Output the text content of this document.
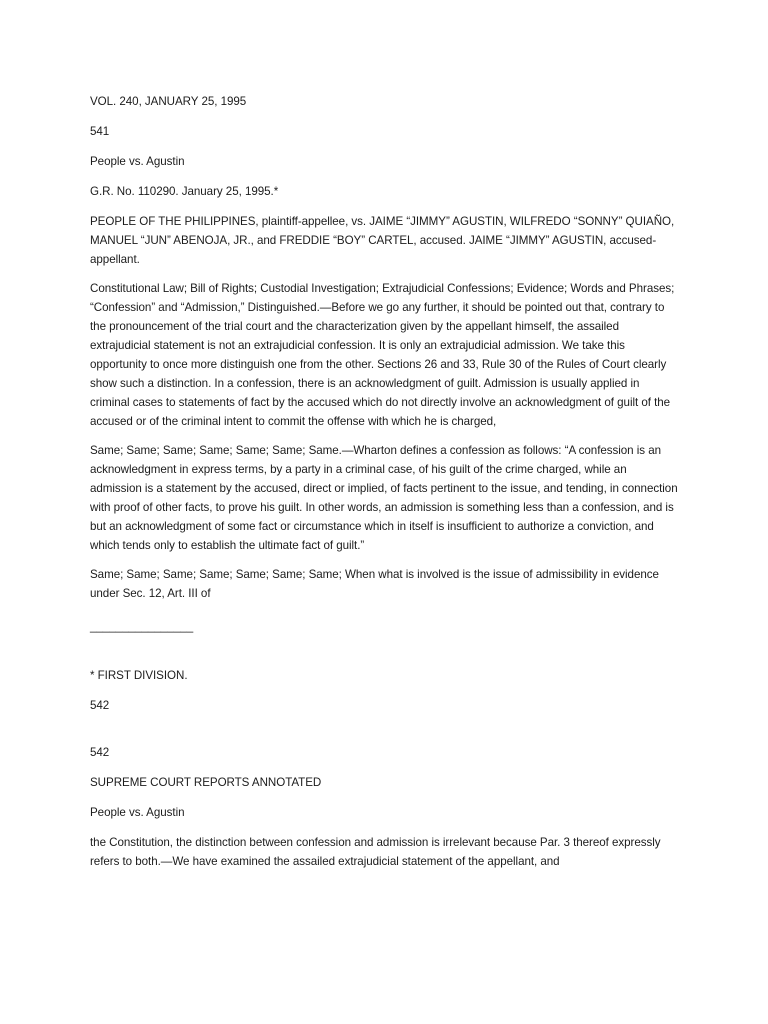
VOL. 240, JANUARY 25, 1995

541

People vs. Agustin

G.R. No. 110290. January 25, 1995.*

PEOPLE OF THE PHILIPPINES, plaintiff-appellee, vs. JAIME “JIMMY” AGUSTIN, WILFREDO “SONNY” QUIAÑO, MANUEL “JUN” ABENOJA, JR., and FREDDIE “BOY” CARTEL, accused. JAIME “JIMMY” AGUSTIN, accused-appellant.

Constitutional Law; Bill of Rights; Custodial Investigation; Extrajudicial Confessions; Evidence; Words and Phrases; “Confession” and “Admission,” Distinguished.—Before we go any further, it should be pointed out that, contrary to the pronouncement of the trial court and the characterization given by the appellant himself, the assailed extrajudicial statement is not an extrajudicial confession. It is only an extrajudicial admission. We take this opportunity to once more distinguish one from the other. Sections 26 and 33, Rule 30 of the Rules of Court clearly show such a distinction. In a confession, there is an acknowledgment of guilt. Admission is usually applied in criminal cases to statements of fact by the accused which do not directly involve an acknowledgment of guilt of the accused or of the criminal intent to commit the offense with which he is charged,

Same; Same; Same; Same; Same; Same; Same.—Wharton defines a confession as follows: “A confession is an acknowledgment in express terms, by a party in a criminal case, of his guilt of the crime charged, while an admission is a statement by the accused, direct or implied, of facts pertinent to the issue, and tending, in connection with proof of other facts, to prove his guilt. In other words, an admission is something less than a confession, and is but an acknowledgment of some fact or circumstance which in itself is insufficient to authorize a conviction, and which tends only to establish the ultimate fact of guilt.”

Same; Same; Same; Same; Same; Same; Same; When what is involved is the issue of admissibility in evidence under Sec. 12, Art. III of

________________

* FIRST DIVISION.

542

542

SUPREME COURT REPORTS ANNOTATED

People vs. Agustin

the Constitution, the distinction between confession and admission is irrelevant because Par. 3 thereof expressly refers to both.—We have examined the assailed extrajudicial statement of the appellant, and
